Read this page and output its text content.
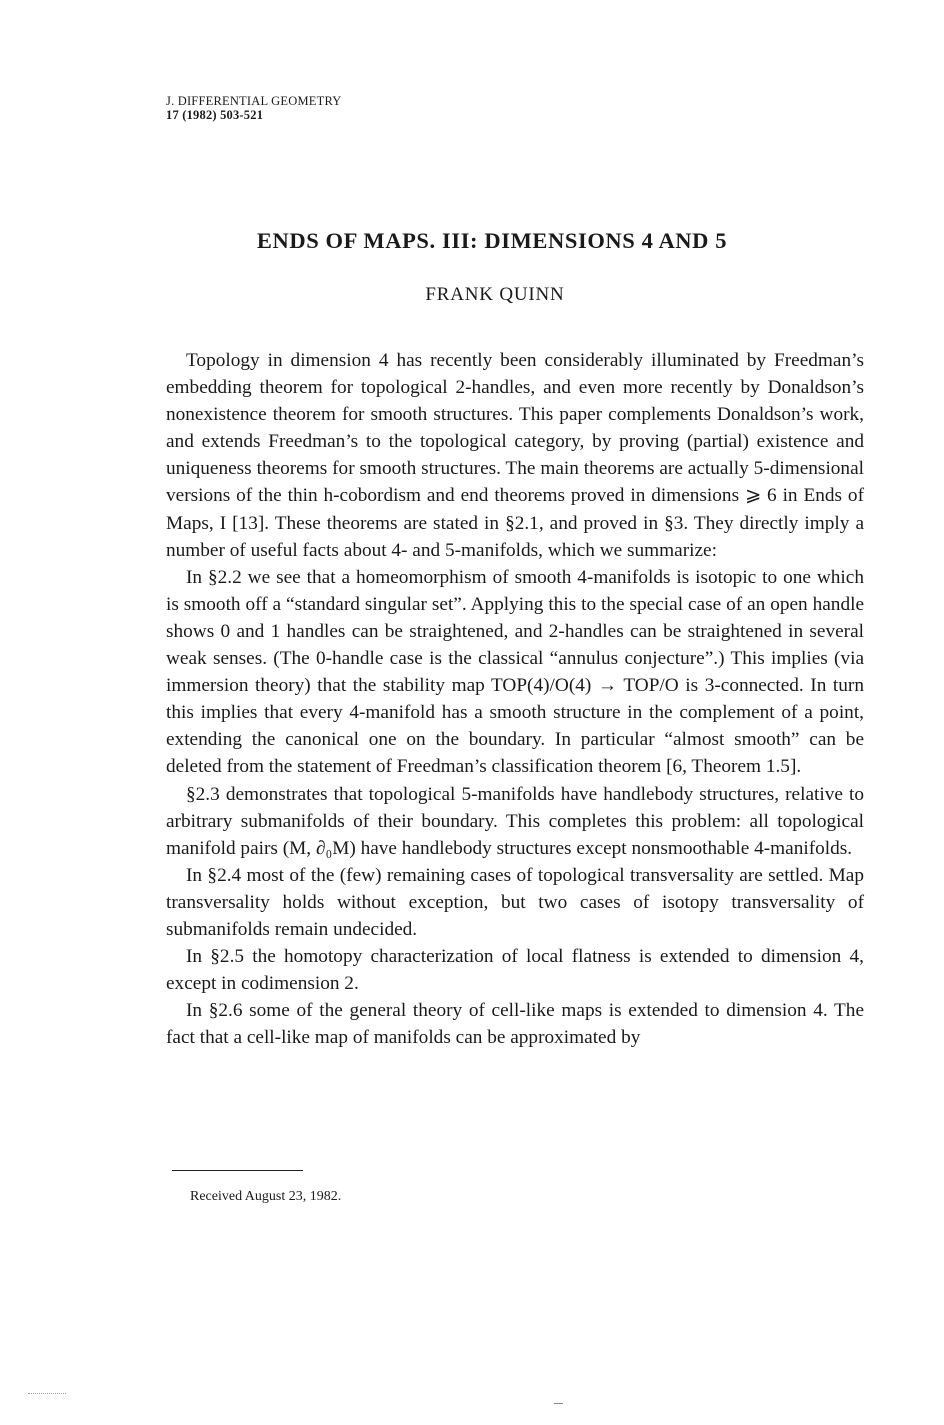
J. DIFFERENTIAL GEOMETRY
17 (1982) 503-521
ENDS OF MAPS. III: DIMENSIONS 4 AND 5
FRANK QUINN

Topology in dimension 4 has recently been considerably illuminated by Freedman’s embedding theorem for topological 2-handles, and even more recently by Donaldson’s nonexistence theorem for smooth structures. This paper complements Donaldson’s work, and extends Freedman’s to the topological category, by proving (partial) existence and uniqueness theorems for smooth structures. The main theorems are actually 5-dimensional versions of the thin h-cobordism and end theorems proved in dimensions ⩾ 6 in Ends of Maps, I [13]. These theorems are stated in §2.1, and proved in §3. They directly imply a number of useful facts about 4- and 5-manifolds, which we summarize:

In §2.2 we see that a homeomorphism of smooth 4-manifolds is isotopic to one which is smooth off a “standard singular set”. Applying this to the special case of an open handle shows 0 and 1 handles can be straightened, and 2-handles can be straightened in several weak senses. (The 0-handle case is the classical “annulus conjecture”.) This implies (via immersion theory) that the stability map TOP(4)/O(4) → TOP/O is 3-connected. In turn this implies that every 4-manifold has a smooth structure in the complement of a point, extending the canonical one on the boundary. In particular “almost smooth” can be deleted from the statement of Freedman’s classification theorem [6, Theorem 1.5].

§2.3 demonstrates that topological 5-manifolds have handlebody structures, relative to arbitrary submanifolds of their boundary. This completes this problem: all topological manifold pairs (M, ∂₀M) have handlebody structures except nonsmoothable 4-manifolds.

In §2.4 most of the (few) remaining cases of topological transversality are settled. Map transversality holds without exception, but two cases of isotopy transversality of submanifolds remain undecided.

In §2.5 the homotopy characterization of local flatness is extended to dimension 4, except in codimension 2.

In §2.6 some of the general theory of cell-like maps is extended to dimension 4. The fact that a cell-like map of manifolds can be approximated by

Received August 23, 1982.
